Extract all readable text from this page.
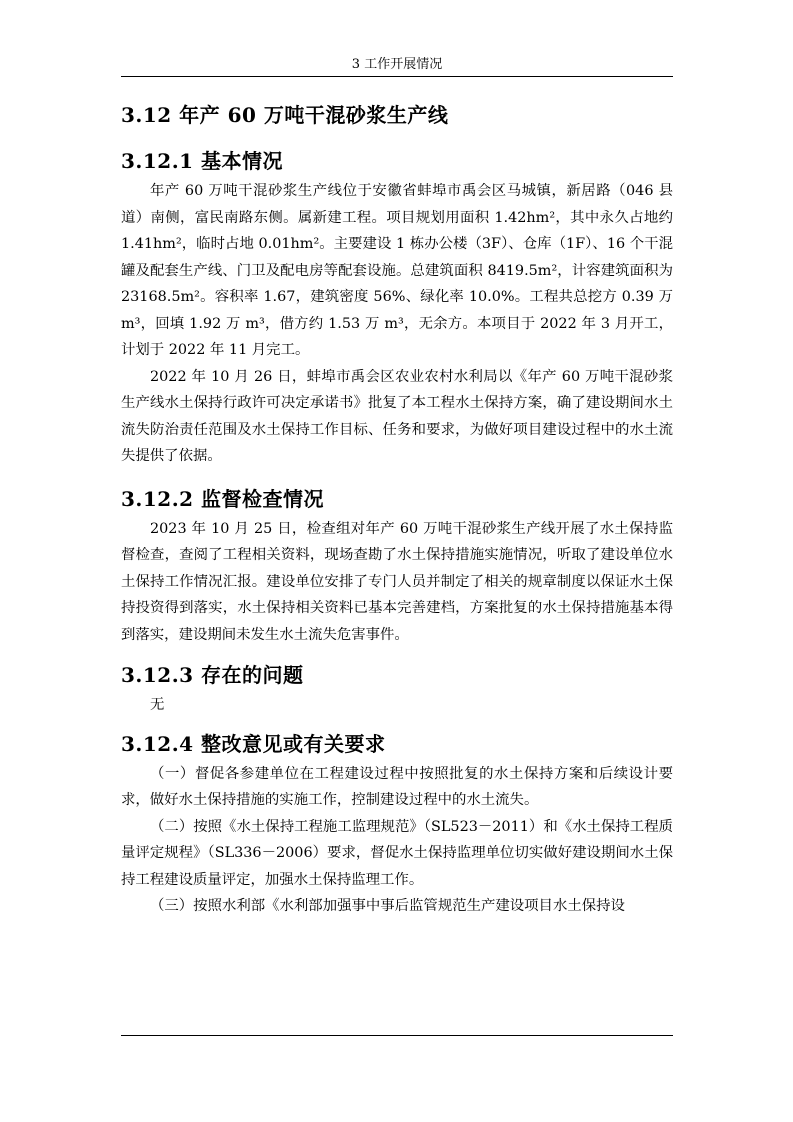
3 工作开展情况
3.12 年产 60 万吨干混砂浆生产线
3.12.1 基本情况

年产 60 万吨干混砂浆生产线位于安徽省蚌埠市禹会区马城镇，新居路（046 县道）南侧，富民南路东侧。属新建工程。项目规划用面积 1.42hm²，其中永久占地约 1.41hm²，临时占地 0.01hm²。主要建设 1 栋办公楼（3F）、仓库（1F）、16 个干混罐及配套生产线、门卫及配电房等配套设施。总建筑面积 8419.5m²，计容建筑面积为 23168.5m²。容积率 1.67，建筑密度 56%、绿化率 10.0%。工程共总挖方 0.39 万 m³，回填 1.92 万 m³，借方约 1.53 万 m³，无余方。本项目于 2022 年 3 月开工，计划于 2022 年 11 月完工。

2022 年 10 月 26 日，蚌埠市禹会区农业农村水利局以《年产 60 万吨干混砂浆生产线水土保持行政许可决定承诺书》批复了本工程水土保持方案，确了建设期间水土流失防治责任范围及水土保持工作目标、任务和要求，为做好项目建设过程中的水土流失提供了依据。

3.12.2 监督检查情况

2023 年 10 月 25 日，检查组对年产 60 万吨干混砂浆生产线开展了水土保持监督检查，查阅了工程相关资料，现场查勘了水土保持措施实施情况，听取了建设单位水土保持工作情况汇报。建设单位安排了专门人员并制定了相关的规章制度以保证水土保持投资得到落实，水土保持相关资料已基本完善建档，方案批复的水土保持措施基本得到落实，建设期间未发生水土流失危害事件。

3.12.3 存在的问题

无

3.12.4 整改意见或有关要求

（一）督促各参建单位在工程建设过程中按照批复的水土保持方案和后续设计要求，做好水土保持措施的实施工作，控制建设过程中的水土流失。

（二）按照《水土保持工程施工监理规范》（SL523－2011）和《水土保持工程质量评定规程》（SL336－2006）要求，督促水土保持监理单位切实做好建设期间水土保持工程建设质量评定，加强水土保持监理工作。

（三）按照水利部《水利部加强事中事后监管规范生产建设项目水土保持设
